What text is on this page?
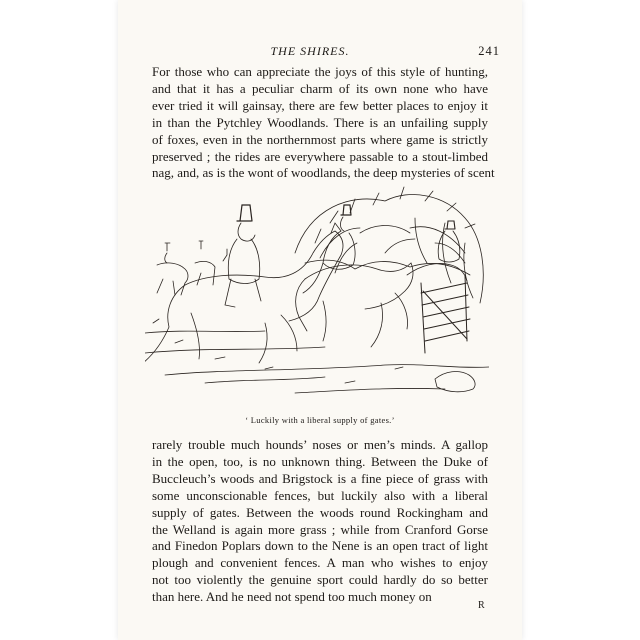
THE SHIRES.	241

For those who can appreciate the joys of this style of hunting,
and that it has a peculiar charm of its own none who have
ever tried it will gainsay, there are few better places to enjoy it
in than the Pytchley Woodlands. There is an unfailing supply
of foxes, even in the northernmost parts where game is strictly
preserved ; the rides are everywhere passable to a stout-limbed
nag, and, as is the wont of woodlands, the deep mysteries of scent

‘ Luckily with a liberal supply of gates.’

rarely trouble much hounds’ noses or men’s minds. A gallop
in the open, too, is no unknown thing. Between the Duke of
Buccleuch’s woods and Brigstock is a fine piece of grass with
some unconscionable fences, but luckily also with a liberal
supply of gates. Between the woods round Rockingham and
the Welland is again more grass ; while from Cranford Gorse
and Finedon Poplars down to the Nene is an open tract of light
plough and convenient fences. A man who wishes to enjoy
not too violently the genuine sport could hardly do so better
than here. And he need not spend too much money on

R
